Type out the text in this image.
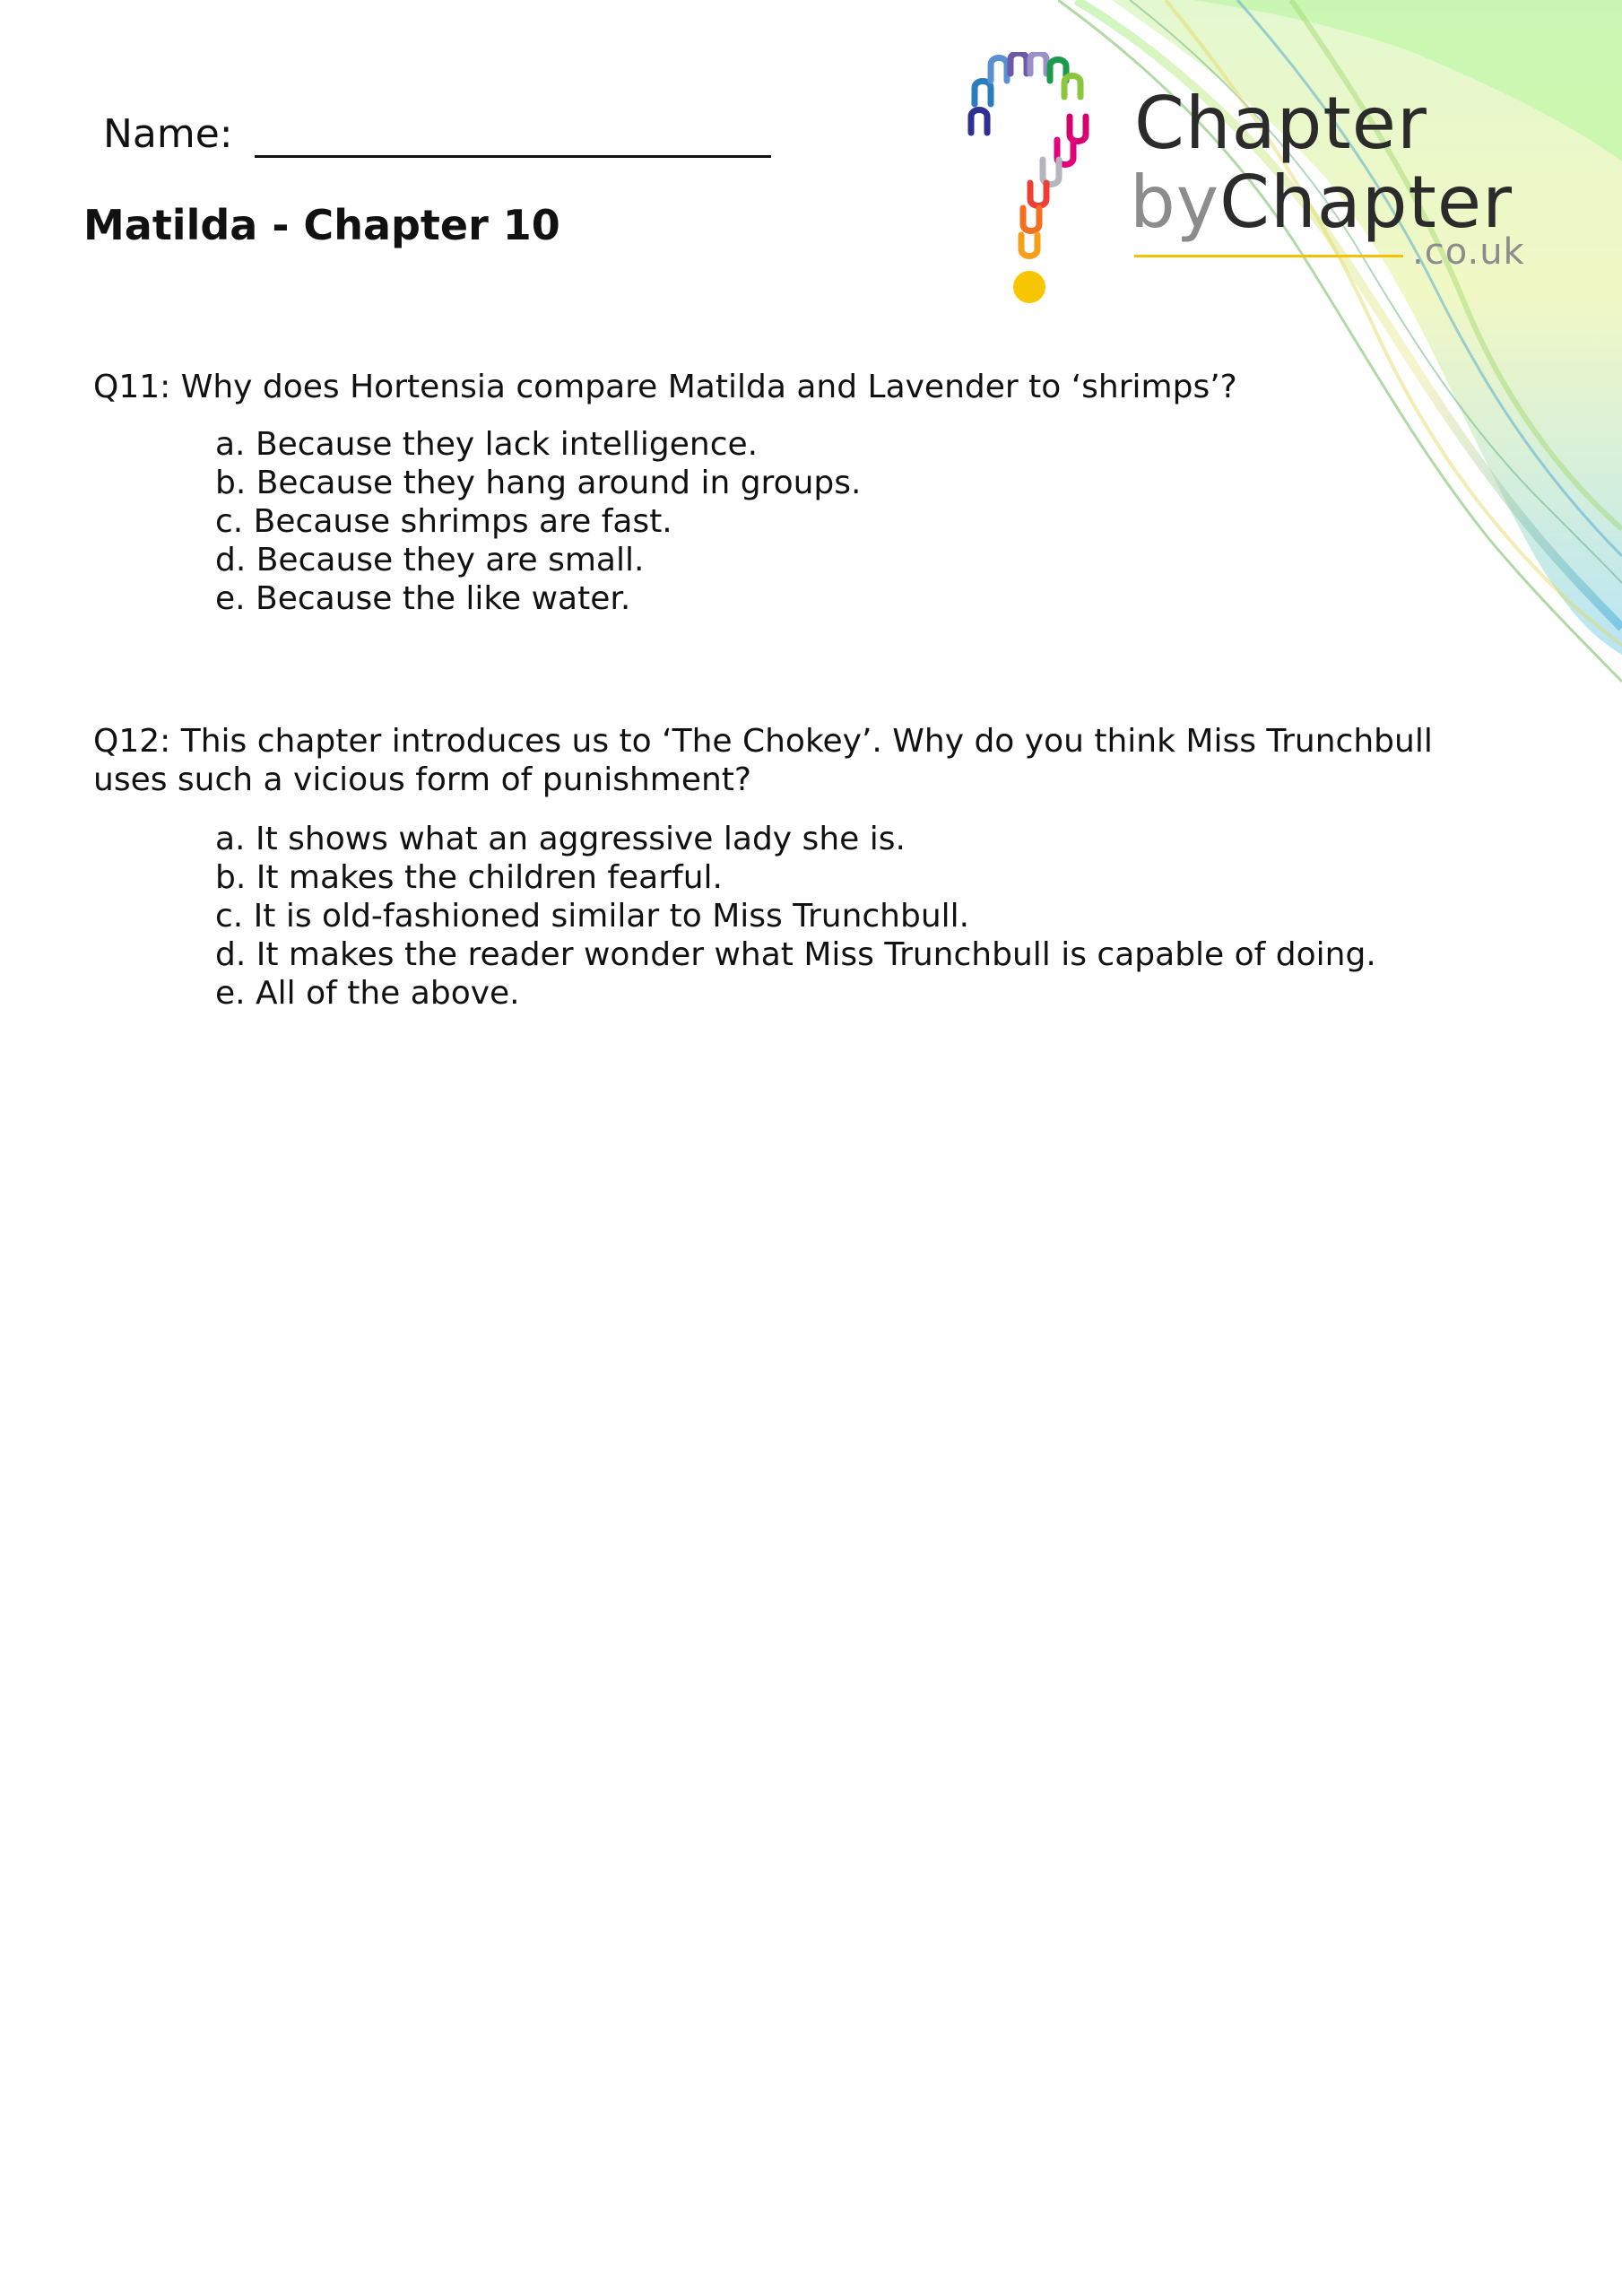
Chapter
byChapter
.co.uk
Name:
Matilda - Chapter 10

Q11: Why does Hortensia compare Matilda and Lavender to ‘shrimps’?

a. Because they lack intelligence.
b. Because they hang around in groups.
c. Because shrimps are fast.
d. Because they are small.
e. Because the like water.

Q12: This chapter introduces us to ‘The Chokey’. Why do you think Miss Trunchbull uses such a vicious form of punishment?

a. It shows what an aggressive lady she is.
b. It makes the children fearful.
c. It is old-fashioned similar to Miss Trunchbull.
d. It makes the reader wonder what Miss Trunchbull is capable of doing.
e. All of the above.
